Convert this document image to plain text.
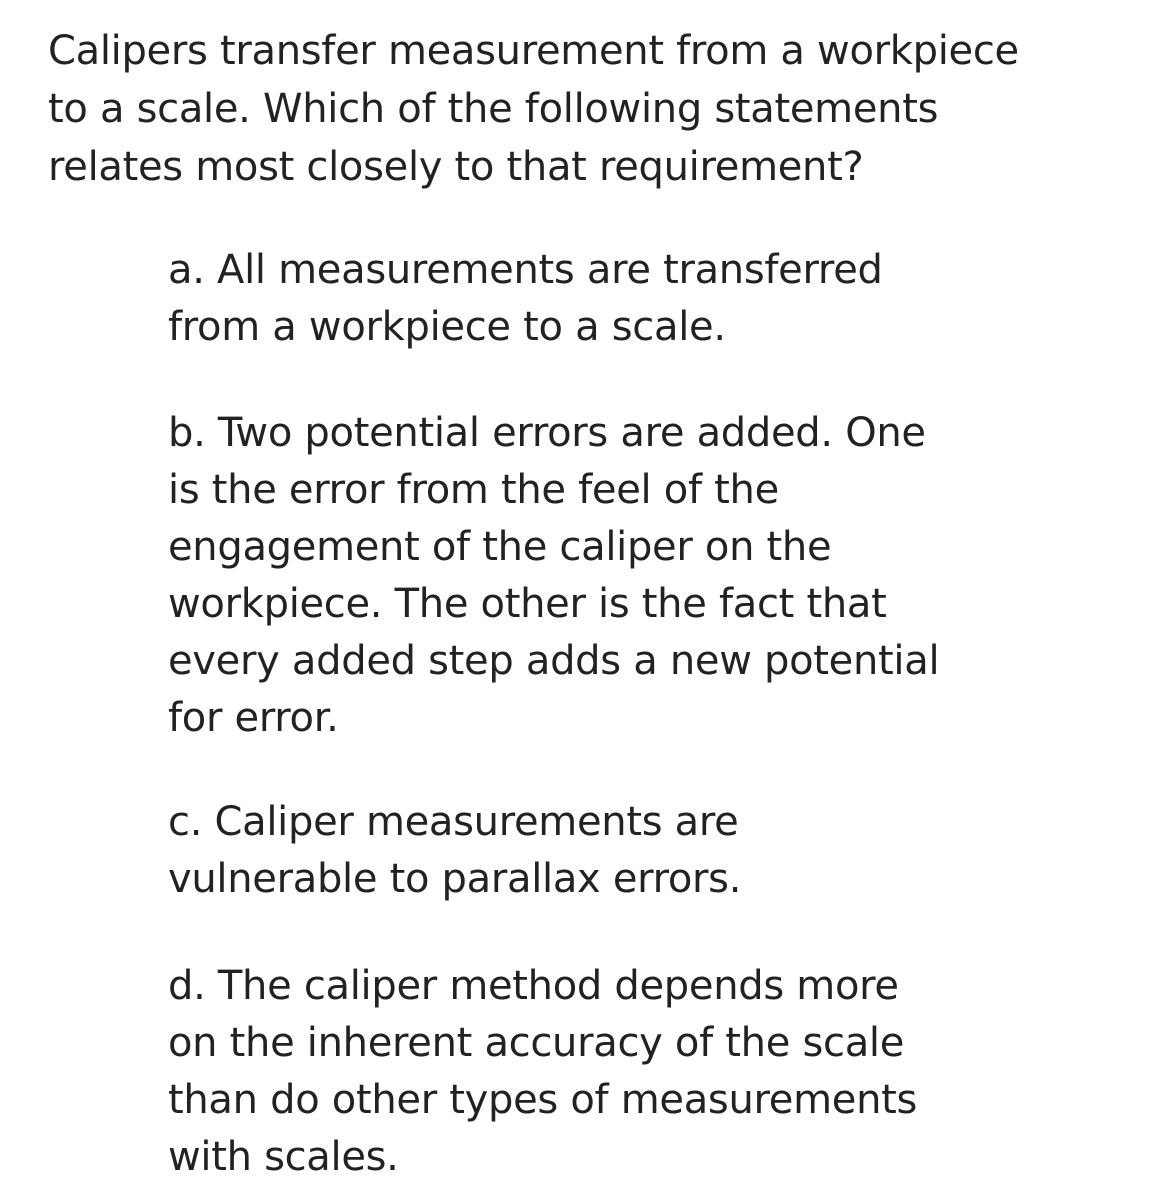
Calipers transfer measurement from a workpiece
to a scale. Which of the following statements
relates most closely to that requirement?

a. All measurements are transferred
from a workpiece to a scale.

b. Two potential errors are added. One
is the error from the feel of the
engagement of the caliper on the
workpiece. The other is the fact that
every added step adds a new potential
for error.

c. Caliper measurements are
vulnerable to parallax errors.

d. The caliper method depends more
on the inherent accuracy of the scale
than do other types of measurements
with scales.
